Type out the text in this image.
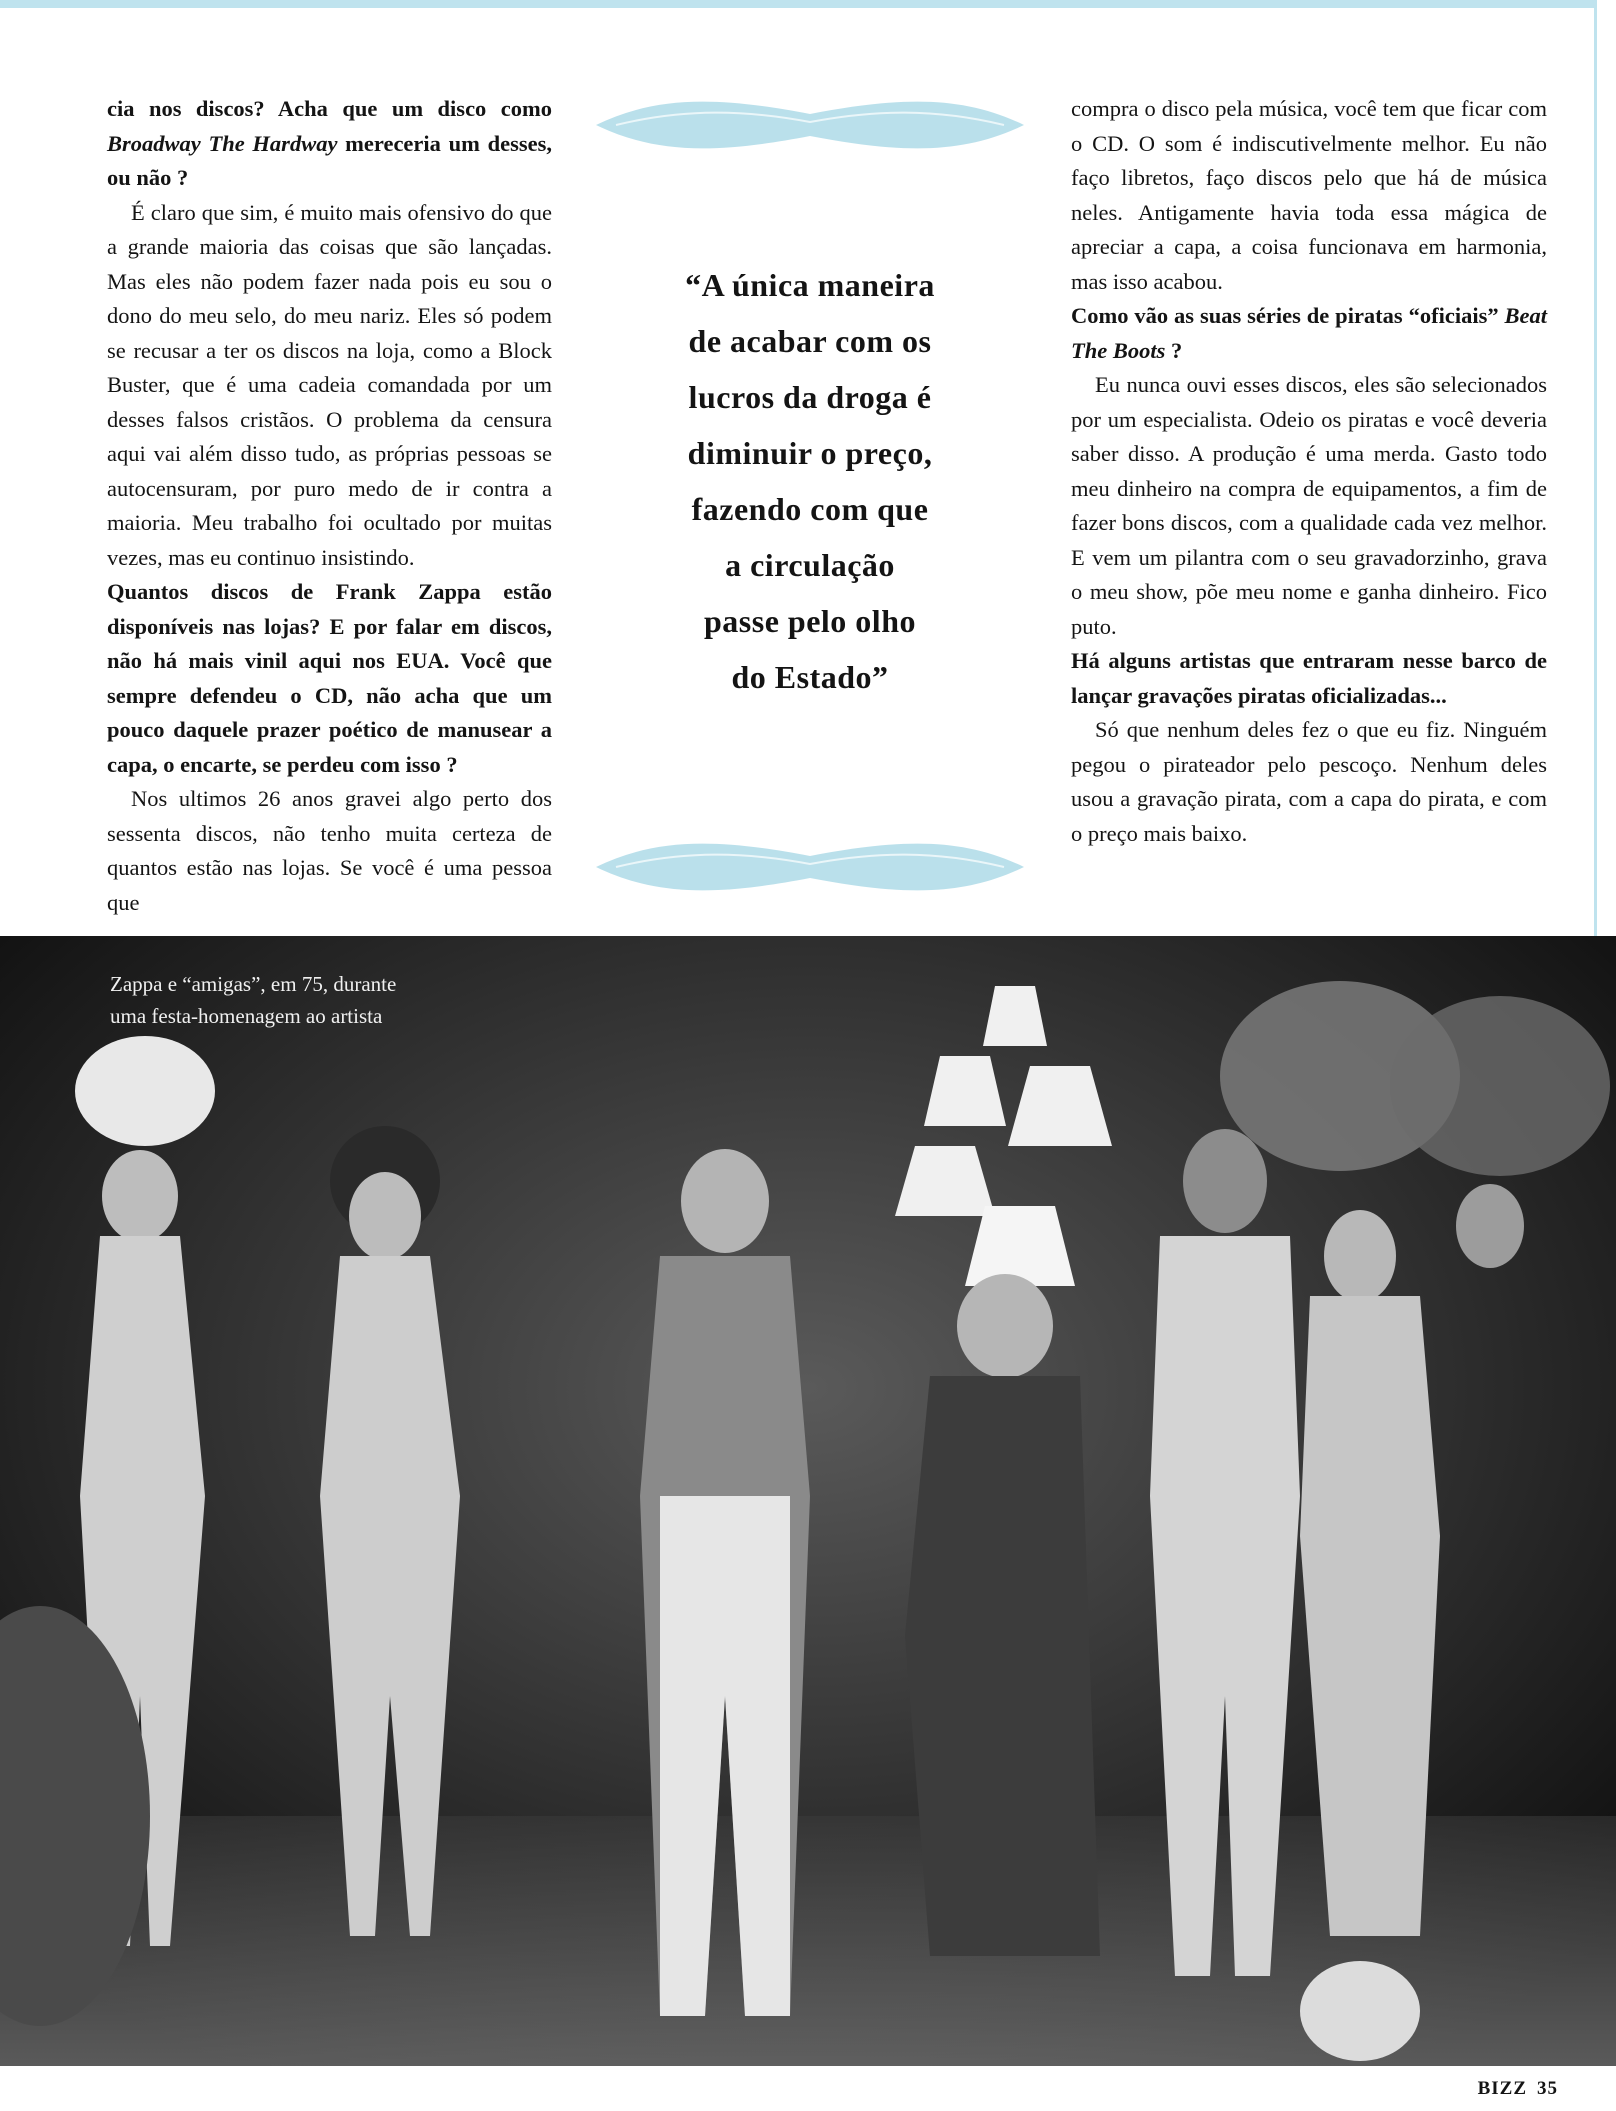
cia nos discos? Acha que um disco como Broadway The Hardway mereceria um desses, ou não ?

É claro que sim, é muito mais ofensivo do que a grande maioria das coisas que são lançadas. Mas eles não podem fazer nada pois eu sou o dono do meu selo, do meu nariz. Eles só podem se recusar a ter os discos na loja, como a Block Buster, que é uma cadeia comandada por um desses falsos cristãos. O problema da censura aqui vai além disso tudo, as próprias pessoas se autocensuram, por puro medo de ir contra a maioria. Meu trabalho foi ocultado por muitas vezes, mas eu continuo insistindo.

Quantos discos de Frank Zappa estão disponíveis nas lojas? E por falar em discos, não há mais vinil aqui nos EUA. Você que sempre defendeu o CD, não acha que um pouco daquele prazer poético de manusear a capa, o encarte, se perdeu com isso ?

Nos ultimos 26 anos gravei algo perto dos sessenta discos, não tenho muita certeza de quantos estão nas lojas. Se você é uma pessoa que

“A única maneira
de acabar com os
lucros da droga é
diminuir o preço,
fazendo com que
a circulação
passe pelo olho
do Estado”

compra o disco pela música, você tem que ficar com o CD. O som é indiscutivelmente melhor. Eu não faço libretos, faço discos pelo que há de música neles. Antigamente havia toda essa mágica de apreciar a capa, a coisa funcionava em harmonia, mas isso acabou.

Como vão as suas séries de piratas “oficiais” Beat The Boots ?

Eu nunca ouvi esses discos, eles são selecionados por um especialista. Odeio os piratas e você deveria saber disso. A produção é uma merda. Gasto todo meu dinheiro na compra de equipamentos, a fim de fazer bons discos, com a qualidade cada vez melhor. E vem um pilantra com o seu gravadorzinho, grava o meu show, põe meu nome e ganha dinheiro. Fico puto.

Há alguns artistas que entraram nesse barco de lançar gravações piratas oficializadas...

Só que nenhum deles fez o que eu fiz. Ninguém pegou o pirateador pelo pescoço. Nenhum deles usou a gravação pirata, com a capa do pirata, e com o preço mais baixo.

Zappa e “amigas”, em 75, durante
uma festa-homenagem ao artista
BIZZ 35
